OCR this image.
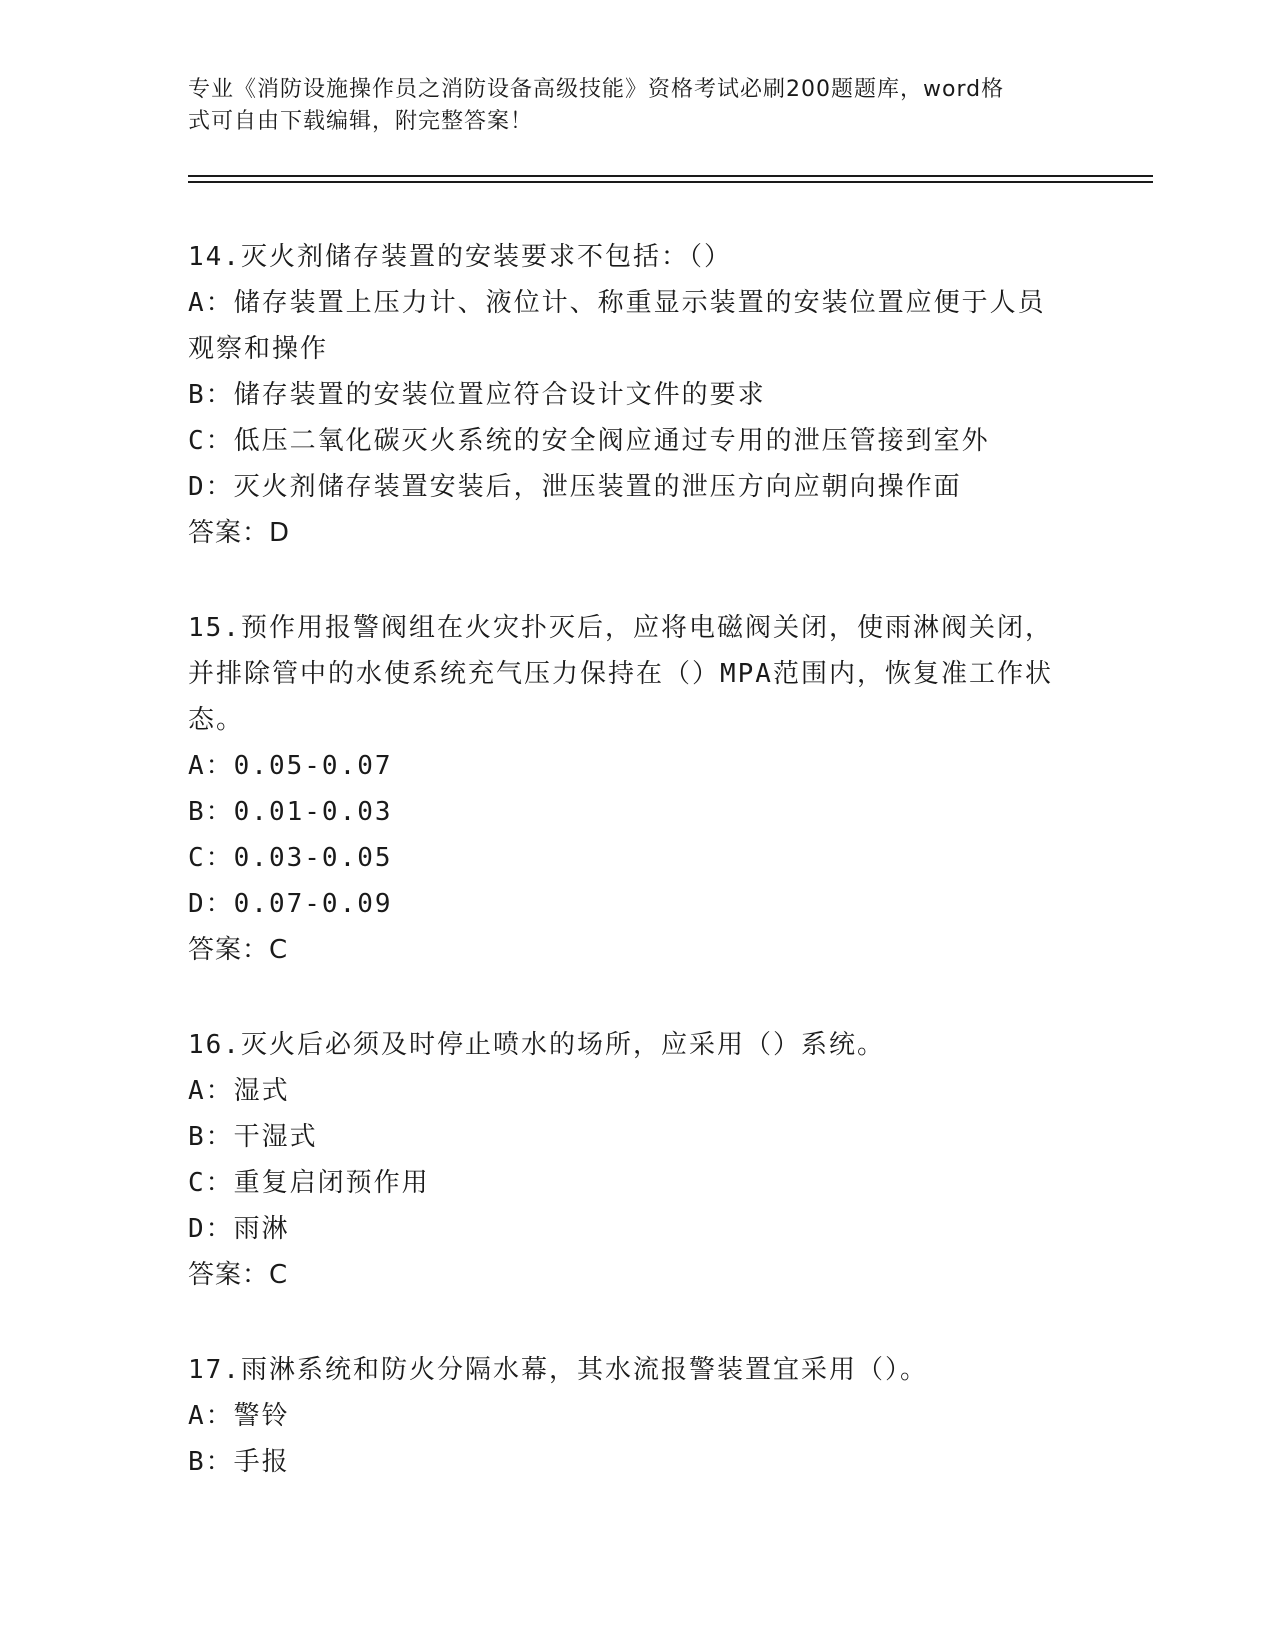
专业《消防设施操作员之消防设备高级技能》资格考试必刷200题题库，word格
式可自由下载编辑，附完整答案！

14.灭火剂储存装置的安装要求不包括：（）

A：储存装置上压力计、液位计、称重显示装置的安装位置应便于人员

观察和操作

B：储存装置的安装位置应符合设计文件的要求

C：低压二氧化碳灭火系统的安全阀应通过专用的泄压管接到室外

D：灭火剂储存装置安装后，泄压装置的泄压方向应朝向操作面

答案：D

15.预作用报警阀组在火灾扑灭后，应将电磁阀关闭，使雨淋阀关闭，

并排除管中的水使系统充气压力保持在（）MPA范围内，恢复准工作状

态。

A：0.05-0.07

B：0.01-0.03

C：0.03-0.05

D：0.07-0.09

答案：C

16.灭火后必须及时停止喷水的场所，应采用（）系统。

A：湿式

B：干湿式

C：重复启闭预作用

D：雨淋

答案：C

17.雨淋系统和防火分隔水幕，其水流报警装置宜采用（）。

A：警铃

B：手报
